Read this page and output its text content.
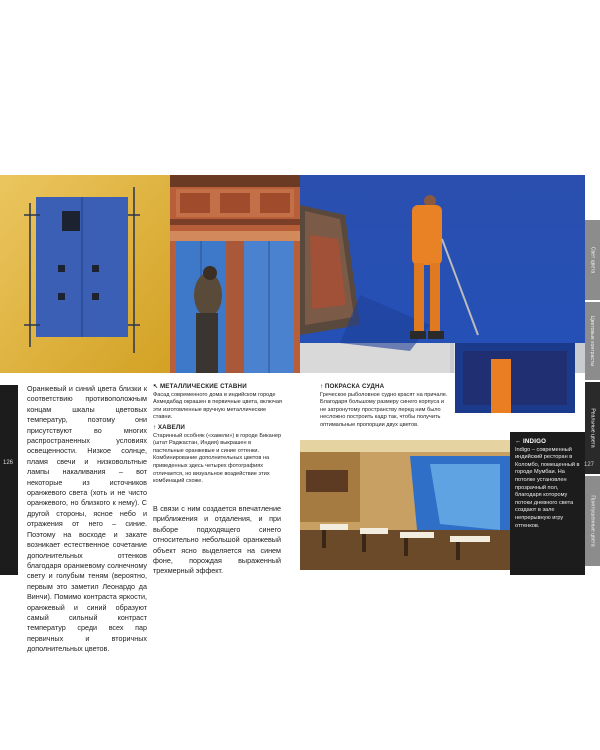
126
Оранжевый и синий цвета близки к соответствию противоположным концам шкалы цветовых температур, поэтому они присутствуют во многих распространенных условиях освещенности. Низкое солнце, пламя свечи и низковольтные лампы накаливания – вот некоторые из источников оранжевого света (хоть и не чисто оранжевого, но близкого к нему). С другой стороны, ясное небо и отражения от него – синие. Поэтому на восходе и закате возникает естественное сочетание дополнительных оттенков благодаря оранжевому солнечному свету и голубым теням (вероятно, первым это заметил Леонардо да Винчи). Помимо контраста яркости, оранжевый и синий образуют самый сильный контраст температур среди всех пар первичных и вторичных дополнительных цветов.
↖ МЕТАЛЛИЧЕСКИЕ СТАВНИ
Фасад современного дома в индийском городе Ахмедабад окрашен в первичные цвета, включая эти изготовленные вручную металлические ставни.
↑ ХАВЕЛИ
Старинный особняк («хавели») в городе Биканер (штат Раджастан, Индия) выкрашен в пастельные оранжевые и синие оттенки. Комбинирование дополнительных цветов на приведенных здесь четырех фотографиях отличается, но визуальное воздействие этих комбинаций схоже.
В связи с ним создается впечатление приближения и отдаления, и при выборе подходящего синего относительно небольшой оранжевый объект ясно выделяется на синем фоне, порождая выраженный трехмерный эффект.
↑ ПОКРАСКА СУДНА
Греческое рыболовное судно красят на причале. Благодаря большому размеру синего корпуса и не затронутому пространству перед ним было несложно построить кадр так, чтобы получить оптимальные пропорции двух цветов.
← INDIGO
Indigo – современный индийский ресторан в Коломбо, помещенный в городе Мумбаи. На потолке установлен прозрачный пол, благодаря которому потоки дневного света создают в зале непрерывную игру оттенков.
Свет цвета
Цветовые контрасты
Реальные цвета
Приглушенные цвета
127
